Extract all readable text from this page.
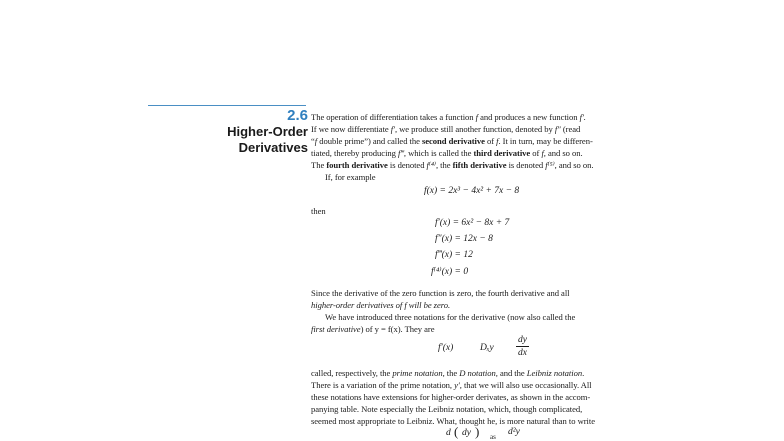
2.6
Higher-Order
Derivatives
The operation of differentiation takes a function f and produces a new function f′.
If we now differentiate f′, we produce still another function, denoted by f″ (read
“f double prime”) and called the second derivative of f. It in turn, may be differen-
tiated, thereby producing f‴, which is called the third derivative of f, and so on.
The fourth derivative is denoted f⁽⁴⁾, the fifth derivative is denoted f⁽⁵⁾, and so on.
If, for example
f(x) = 2x³ − 4x² + 7x − 8
then
f′(x) = 6x² − 8x + 7
f″(x) = 12x − 8
f‴(x) = 12
f⁽⁴⁾(x) = 0
Since the derivative of the zero function is zero, the fourth derivative and all
higher-order derivatives of f will be zero.
We have introduced three notations for the derivative (now also called the
first derivative) of y = f(x). They are
f′(x)	Dₓy $\frac{dy}{dx}$
called, respectively, the prime notation, the D notation, and the Leibniz notation.
There is a variation of the prime notation, y′, that we will also use occasionally. All
these notations have extensions for higher-order derivates, as shown in the accom-
panying table. Note especially the Leibniz notation, which, though complicated,
seemed most appropriate to Leibniz. What, thought he, is more natural than to write
d ( dy ) as d²y
